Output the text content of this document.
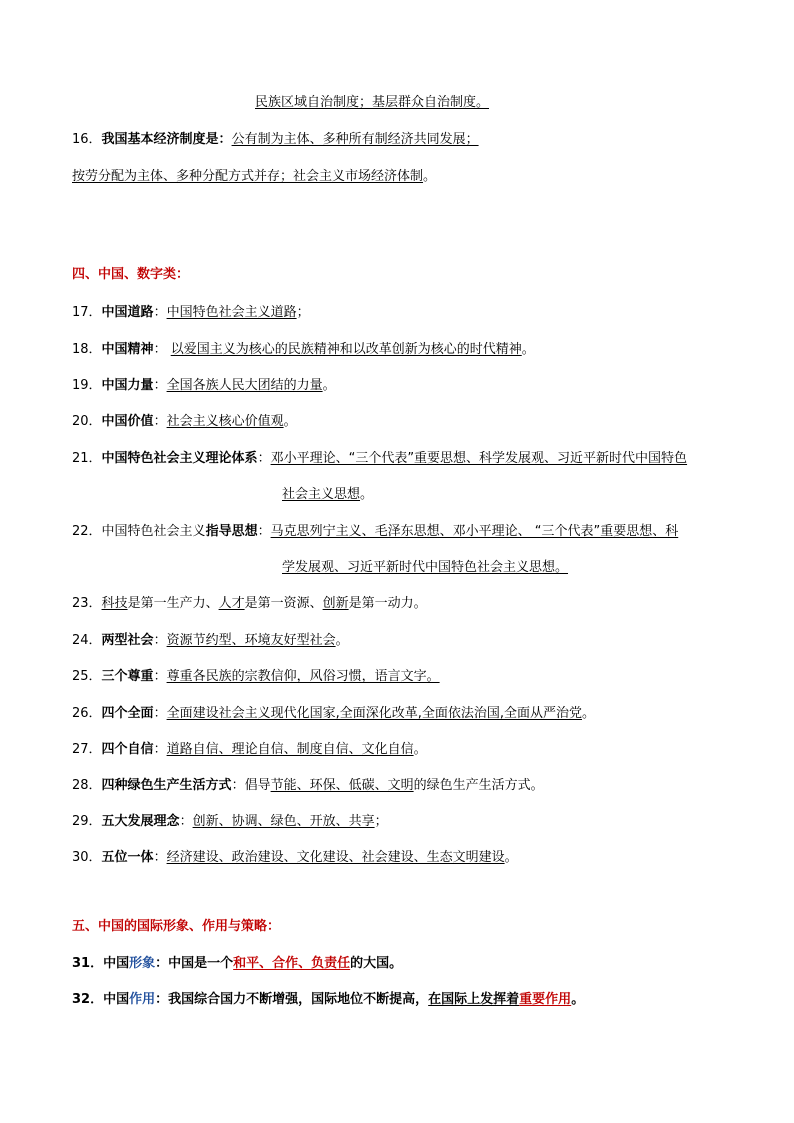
民族区域自治制度；基层群众自治制度。
16．我国基本经济制度是：公有制为主体、多种所有制经济共同发展；
按劳分配为主体、多种分配方式并存；社会主义市场经济体制。
四、中国、数字类：
17．中国道路：中国特色社会主义道路；
18．中国精神： 以爱国主义为核心的民族精神和以改革创新为核心的时代精神。
19．中国力量：全国各族人民大团结的力量。
20．中国价值：社会主义核心价值观。
21．中国特色社会主义理论体系：邓小平理论、“三个代表”重要思想、科学发展观、习近平新时代中国特色
社会主义思想。
22．中国特色社会主义指导思想：马克思列宁主义、毛泽东思想、邓小平理论、 “三个代表”重要思想、科
学发展观、习近平新时代中国特色社会主义思想。
23．科技是第一生产力、人才是第一资源、创新是第一动力。
24．两型社会：资源节约型、环境友好型社会。
25．三个尊重：尊重各民族的宗教信仰，风俗习惯，语言文字。
26．四个全面：全面建设社会主义现代化国家,全面深化改革,全面依法治国,全面从严治党。
27．四个自信：道路自信、理论自信、制度自信、文化自信。
28．四种绿色生产生活方式：倡导节能、环保、低碳、文明的绿色生产生活方式。
29．五大发展理念：创新、协调、绿色、开放、共享；
30．五位一体：经济建设、政治建设、文化建设、社会建设、生态文明建设。
五、中国的国际形象、作用与策略：
31．中国形象：中国是一个和平、合作、负责任的大国。
32．中国作用：我国综合国力不断增强，国际地位不断提高，在国际上发挥着重要作用。
